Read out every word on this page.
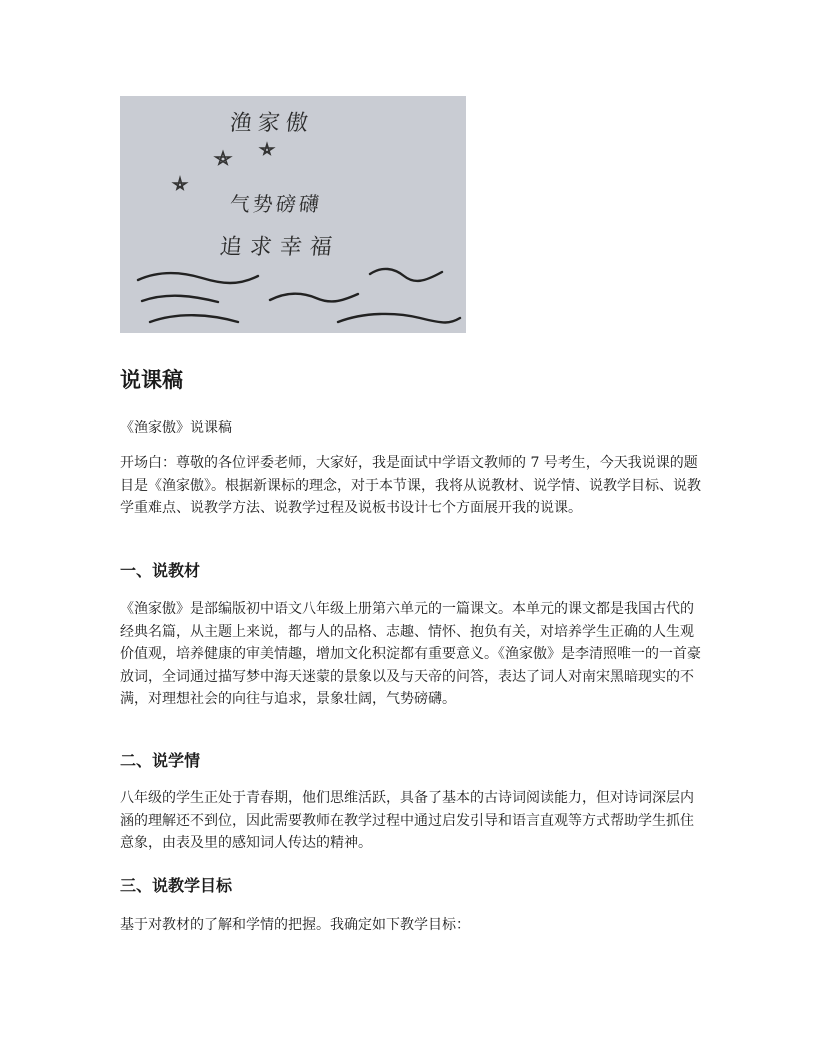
渔家傲
气势磅礴
追求幸福
说课稿
《渔家傲》说课稿

开场白：尊敬的各位评委老师，大家好，我是面试中学语文教师的 7 号考生，今天我说课的题目是《渔家傲》。根据新课标的理念，对于本节课，我将从说教材、说学情、说教学目标、说教学重难点、说教学方法、说教学过程及说板书设计七个方面展开我的说课。

一、说教材

《渔家傲》是部编版初中语文八年级上册第六单元的一篇课文。本单元的课文都是我国古代的经典名篇，从主题上来说，都与人的品格、志趣、情怀、抱负有关，对培养学生正确的人生观价值观，培养健康的审美情趣，增加文化积淀都有重要意义。《渔家傲》是李清照唯一的一首豪放词，全词通过描写梦中海天迷蒙的景象以及与天帝的问答，表达了词人对南宋黑暗现实的不满，对理想社会的向往与追求，景象壮阔，气势磅礴。

二、说学情

八年级的学生正处于青春期，他们思维活跃，具备了基本的古诗词阅读能力，但对诗词深层内涵的理解还不到位，因此需要教师在教学过程中通过启发引导和语言直观等方式帮助学生抓住意象，由表及里的感知词人传达的精神。

三、说教学目标

基于对教材的了解和学情的把握。我确定如下教学目标：
